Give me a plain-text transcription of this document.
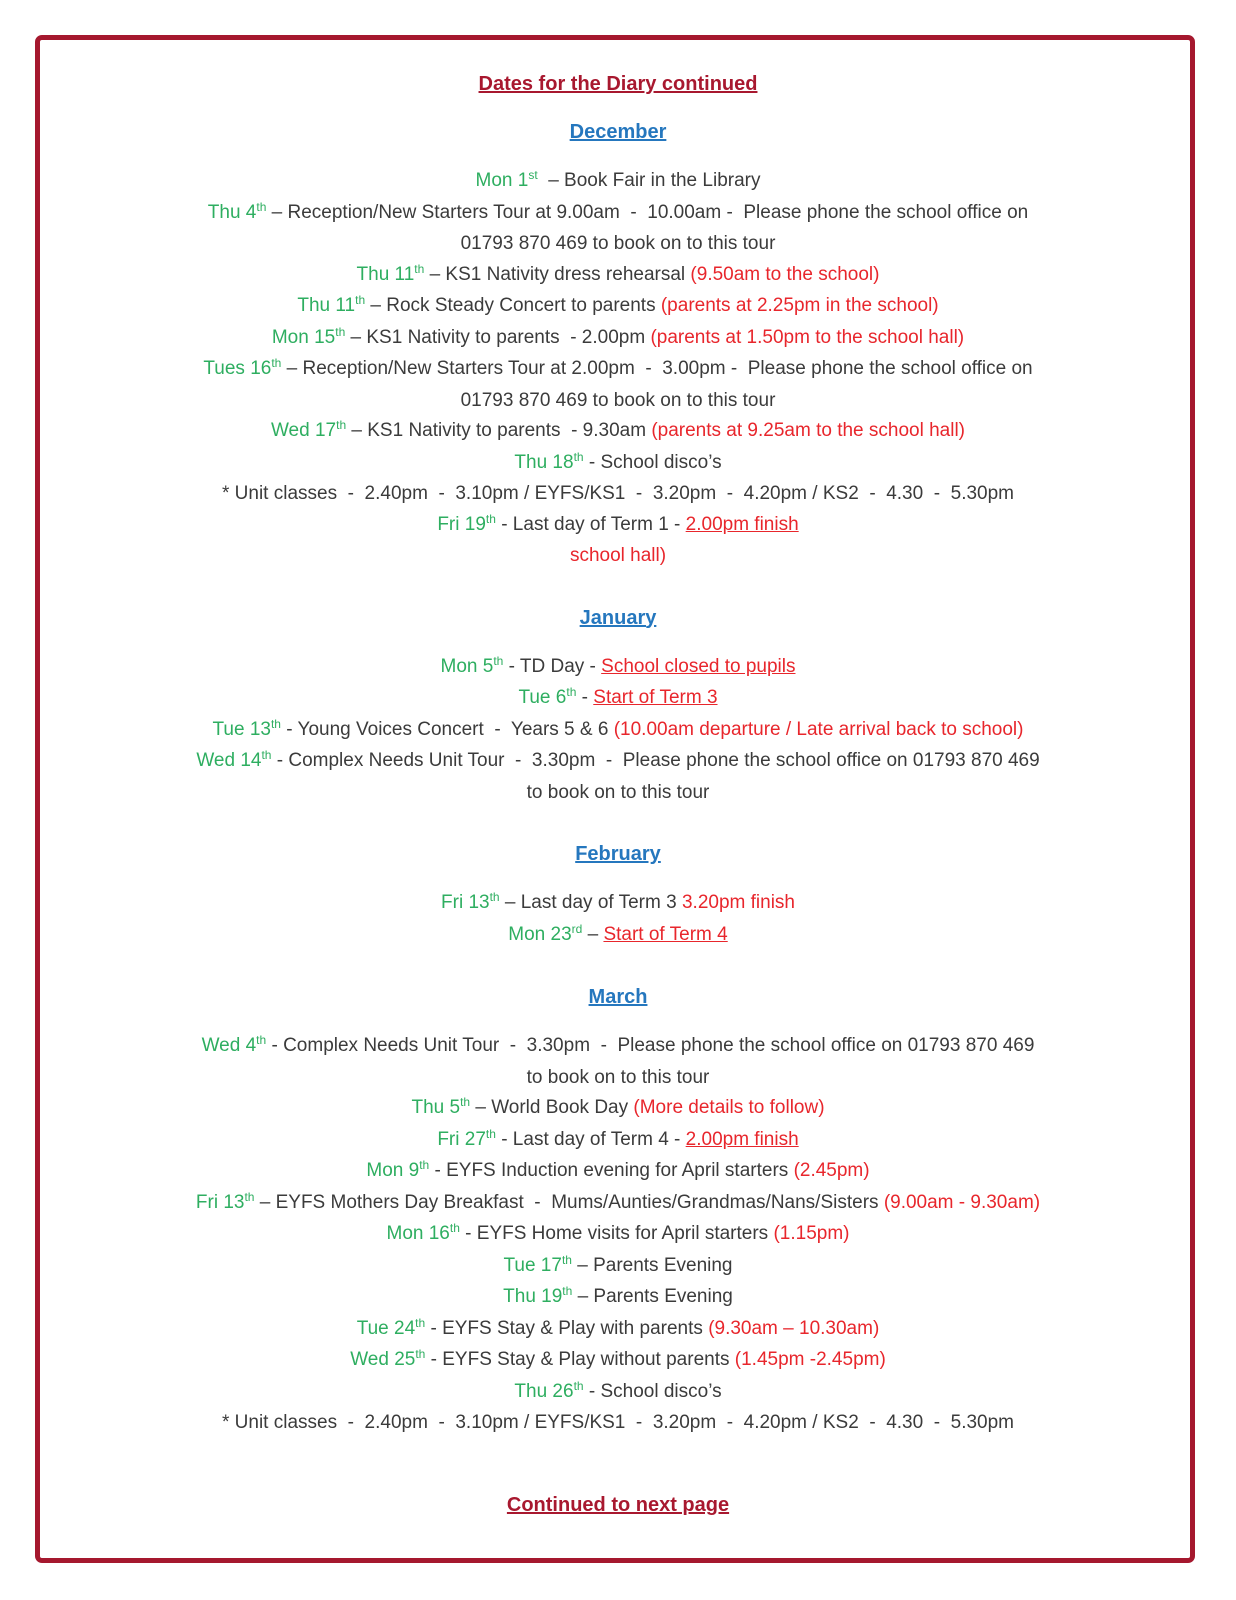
Dates for the Diary continued
December
Mon 1st  – Book Fair in the Library
Thu 4th – Reception/New Starters Tour at 9.00am  -  10.00am -  Please phone the school office on
01793 870 469 to book on to this tour
Thu 11th – KS1 Nativity dress rehearsal (9.50am to the school)
Thu 11th – Rock Steady Concert to parents (parents at 2.25pm in the school)
Mon 15th – KS1 Nativity to parents  - 2.00pm (parents at 1.50pm to the school hall)
Tues 16th – Reception/New Starters Tour at 2.00pm  -  3.00pm -  Please phone the school office on
01793 870 469 to book on to this tour
Wed 17th – KS1 Nativity to parents  - 9.30am (parents at 9.25am to the school hall)
Thu 18th - School disco’s
* Unit classes  -  2.40pm  -  3.10pm / EYFS/KS1  -  3.20pm  -  4.20pm / KS2  -  4.30  -  5.30pm
Fri 19th - Last day of Term 1 - 2.00pm finish
school hall)
January
Mon 5th - TD Day - School closed to pupils
Tue 6th - Start of Term 3
Tue 13th - Young Voices Concert  -  Years 5 & 6 (10.00am departure / Late arrival back to school)
Wed 14th - Complex Needs Unit Tour  -  3.30pm  -  Please phone the school office on 01793 870 469
to book on to this tour
February
Fri 13th – Last day of Term 3 3.20pm finish
Mon 23rd – Start of Term 4
March
Wed 4th - Complex Needs Unit Tour  -  3.30pm  -  Please phone the school office on 01793 870 469
to book on to this tour
Thu 5th – World Book Day (More details to follow)
Fri 27th - Last day of Term 4 - 2.00pm finish
Mon 9th - EYFS Induction evening for April starters (2.45pm)
Fri 13th – EYFS Mothers Day Breakfast  -  Mums/Aunties/Grandmas/Nans/Sisters (9.00am - 9.30am)
Mon 16th - EYFS Home visits for April starters (1.15pm)
Tue 17th – Parents Evening
Thu 19th – Parents Evening
Tue 24th - EYFS Stay & Play with parents (9.30am – 10.30am)
Wed 25th - EYFS Stay & Play without parents (1.45pm -2.45pm)
Thu 26th - School disco’s
* Unit classes  -  2.40pm  -  3.10pm / EYFS/KS1  -  3.20pm  -  4.20pm / KS2  -  4.30  -  5.30pm
Continued to next page
